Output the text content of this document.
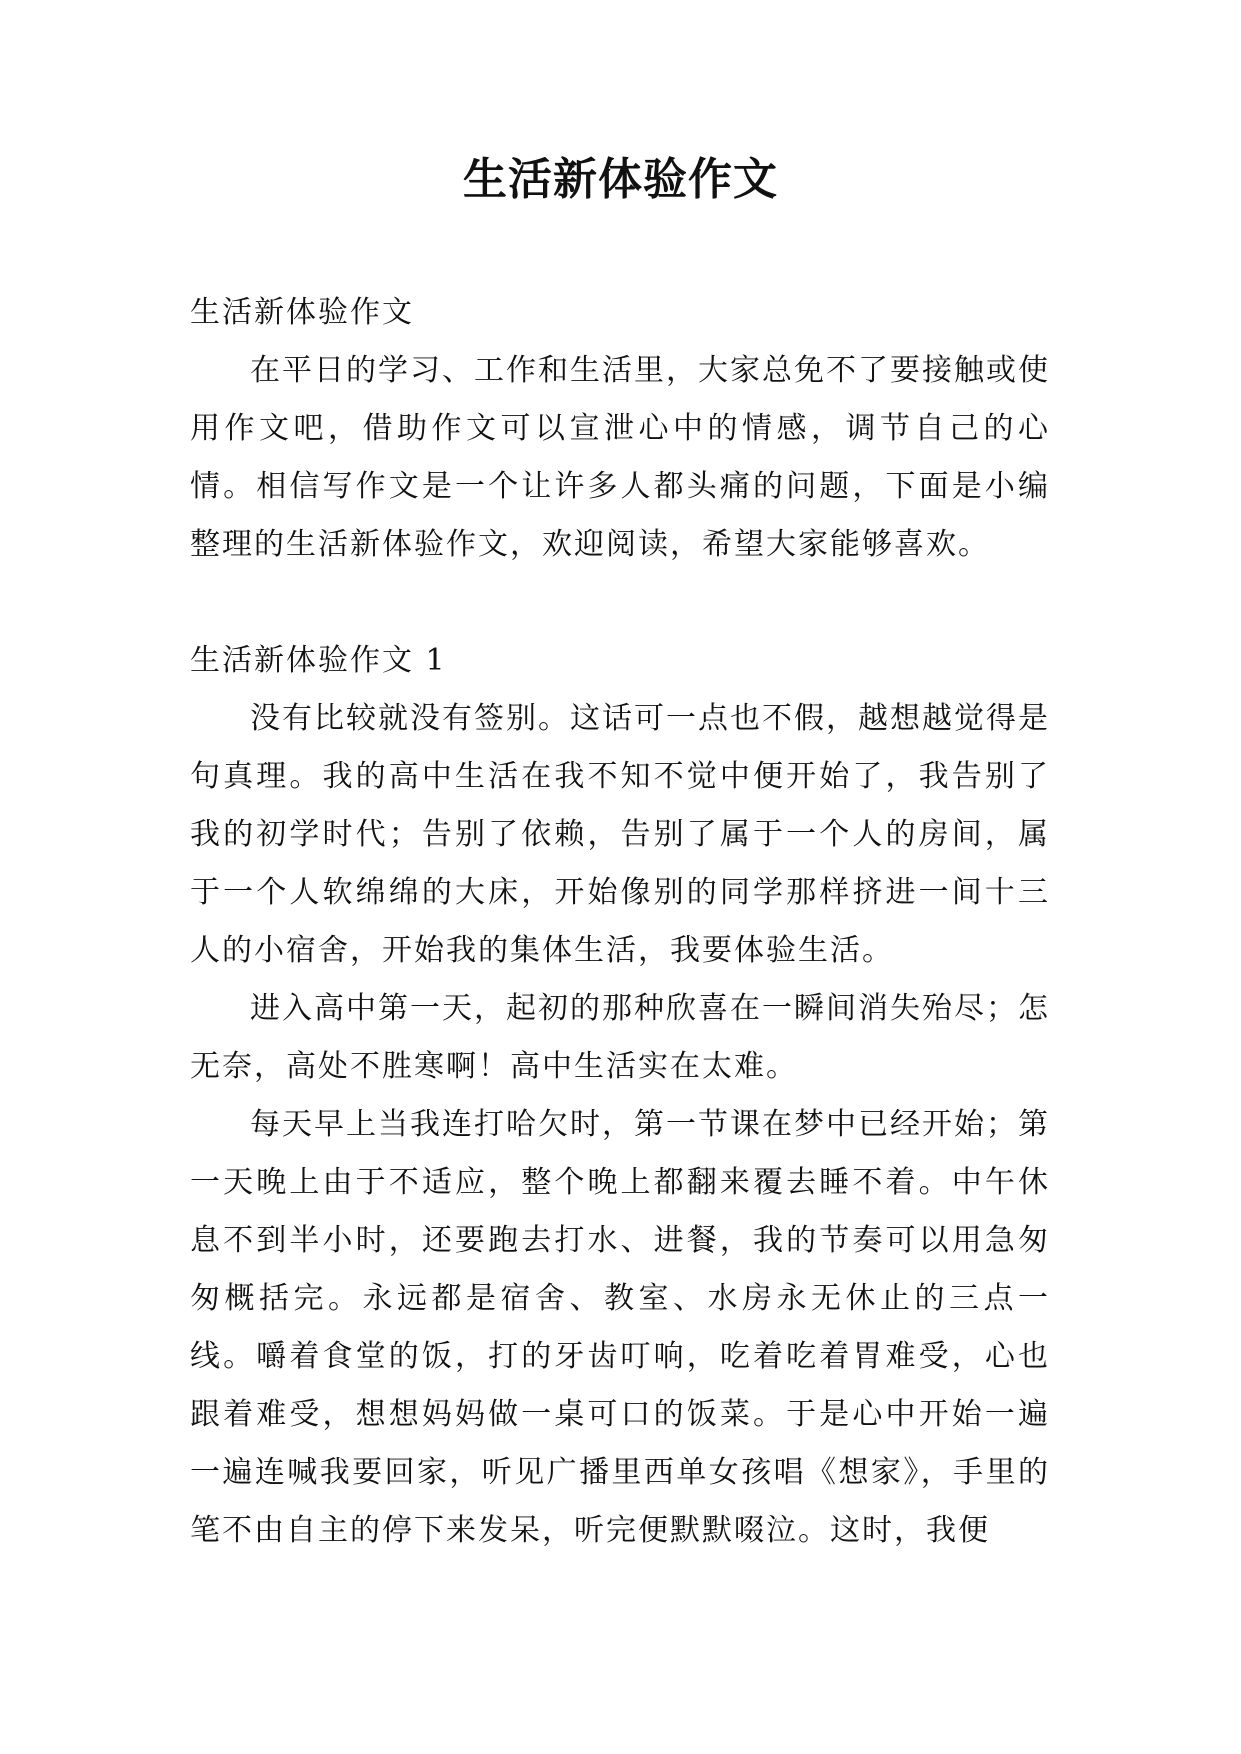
生活新体验作文

生活新体验作文

在平日的学习、工作和生活里，大家总免不了要接触或使用作文吧，借助作文可以宣泄心中的情感，调节自己的心情。相信写作文是一个让许多人都头痛的问题，下面是小编整理的生活新体验作文，欢迎阅读，希望大家能够喜欢。

生活新体验作文 1

没有比较就没有签别。这话可一点也不假，越想越觉得是句真理。我的高中生活在我不知不觉中便开始了，我告别了我的初学时代；告别了依赖，告别了属于一个人的房间，属于一个人软绵绵的大床，开始像别的同学那样挤进一间十三人的小宿舍，开始我的集体生活，我要体验生活。

进入高中第一天，起初的那种欣喜在一瞬间消失殆尽；怎无奈，高处不胜寒啊！高中生活实在太难。

每天早上当我连打哈欠时，第一节课在梦中已经开始；第一天晚上由于不适应，整个晚上都翻来覆去睡不着。中午休息不到半小时，还要跑去打水、进餐，我的节奏可以用急匆匆概括完。永远都是宿舍、教室、水房永无休止的三点一线。嚼着食堂的饭，打的牙齿叮响，吃着吃着胃难受，心也跟着难受，想想妈妈做一桌可口的饭菜。于是心中开始一遍一遍连喊我要回家，听见广播里西单女孩唱《想家》，手里的笔不由自主的停下来发呆，听完便默默啜泣。这时，我便
